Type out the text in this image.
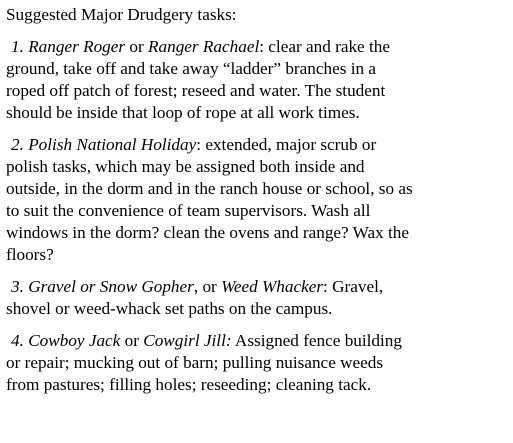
Suggested Major Drudgery tasks:

1. Ranger Roger or Ranger Rachael: clear and rake the
ground, take off and take away “ladder” branches in a
roped off patch of forest; reseed and water. The student
should be inside that loop of rope at all work times.

2. Polish National Holiday: extended, major scrub or
polish tasks, which may be assigned both inside and
outside, in the dorm and in the ranch house or school, so as
to suit the convenience of team supervisors. Wash all
windows in the dorm? clean the ovens and range? Wax the
floors?

3. Gravel or Snow Gopher, or Weed Whacker: Gravel,
shovel or weed-whack set paths on the campus.

4. Cowboy Jack or Cowgirl Jill: Assigned fence building
or repair; mucking out of barn; pulling nuisance weeds
from pastures; filling holes; reseeding; cleaning tack.
